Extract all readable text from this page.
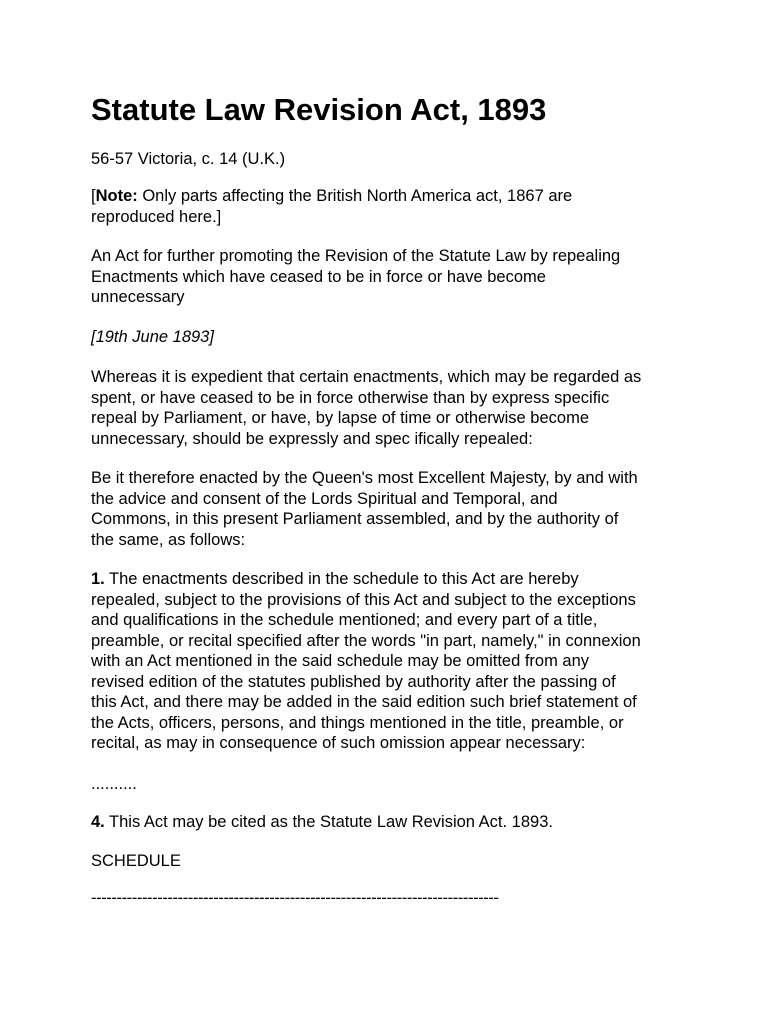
Statute Law Revision Act, 1893

56-57 Victoria, c. 14 (U.K.)

[Note: Only parts affecting the British North America act, 1867 are
reproduced here.]

An Act for further promoting the Revision of the Statute Law by repealing
Enactments which have ceased to be in force or have become
unnecessary

[19th June 1893]

Whereas it is expedient that certain enactments, which may be regarded as
spent, or have ceased to be in force otherwise than by express specific
repeal by Parliament, or have, by lapse of time or otherwise become
unnecessary, should be expressly and spec ifically repealed:

Be it therefore enacted by the Queen's most Excellent Majesty, by and with
the advice and consent of the Lords Spiritual and Temporal, and
Commons, in this present Parliament assembled, and by the authority of
the same, as follows:

1. The enactments described in the schedule to this Act are hereby
repealed, subject to the provisions of this Act and subject to the exceptions
and qualifications in the schedule mentioned; and every part of a title,
preamble, or recital specified after the words "in part, namely," in connexion
with an Act mentioned in the said schedule may be omitted from any
revised edition of the statutes published by authority after the passing of
this Act, and there may be added in the said edition such brief statement of
the Acts, officers, persons, and things mentioned in the title, preamble, or
recital, as may in consequence of such omission appear necessary:

..........

4. This Act may be cited as the Statute Law Revision Act. 1893.

SCHEDULE

--------------------------------------------------------------------------------
